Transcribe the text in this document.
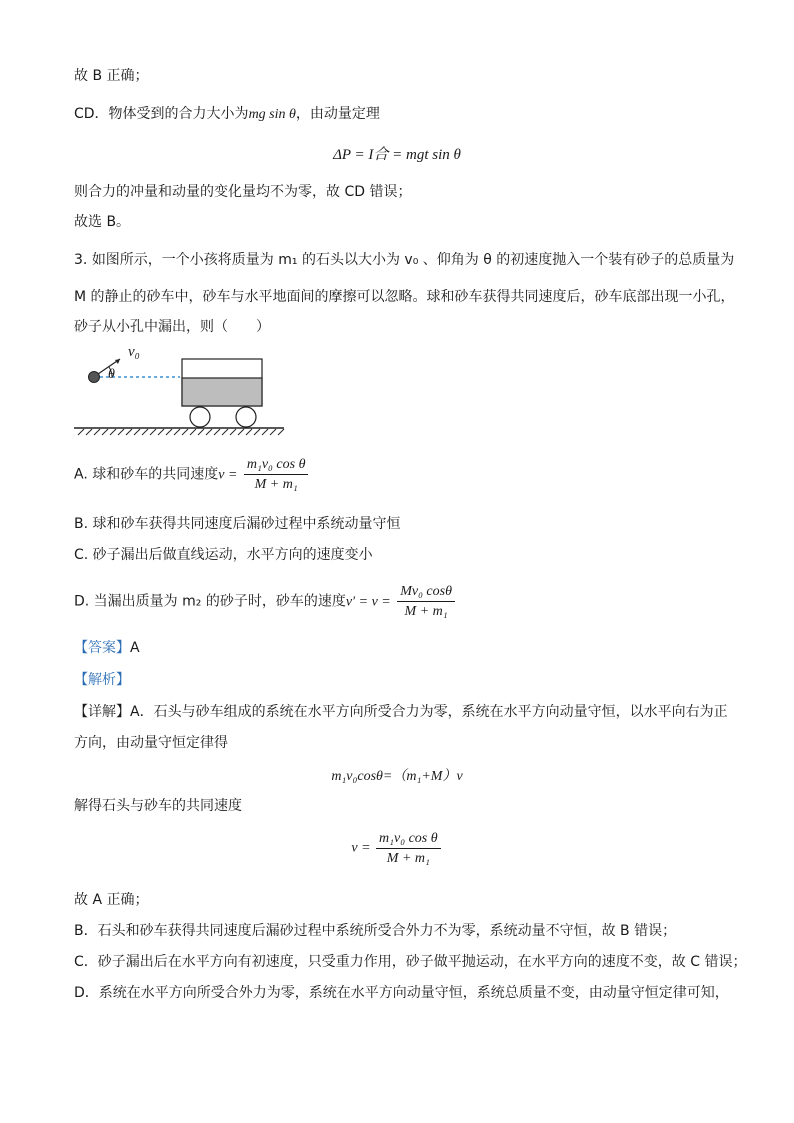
故 B 正确；
CD．物体受到的合力大小为mg sin θ，由动量定理
ΔP = I合 = mgt sin θ
则合力的冲量和动量的变化量均不为零，故 CD 错误；
故选 B。
3. 如图所示，一个小孩将质量为 m₁ 的石头以大小为 v₀ 、仰角为 θ 的初速度抛入一个装有砂子的总质量为
M 的静止的砂车中，砂车与水平地面间的摩擦可以忽略。球和砂车获得共同速度后，砂车底部出现一小孔，
砂子从小孔中漏出，则（　　）
v₀
θ
A. 球和砂车的共同速度$v = \frac{\text{m₁v₀ cos θ}}{\text{M + m₁}}$
B. 球和砂车获得共同速度后漏砂过程中系统动量守恒
C. 砂子漏出后做直线运动，水平方向的速度变小
D. 当漏出质量为 m₂ 的砂子时，砂车的速度$v' = v = \frac{\text{Mv₀ cosθ}}{\text{M + m₁}}$
【答案】A
【解析】
【详解】A．石头与砂车组成的系统在水平方向所受合力为零，系统在水平方向动量守恒，以水平向右为正
方向，由动量守恒定律得
m₁v₀cosθ=（m₁+M）v
解得石头与砂车的共同速度
$v = \frac{\text{m₁v₀ cos θ}}{\text{M + m₁}}$
故 A 正确；
B．石头和砂车获得共同速度后漏砂过程中系统所受合外力不为零，系统动量不守恒，故 B 错误；
C．砂子漏出后在水平方向有初速度，只受重力作用，砂子做平抛运动，在水平方向的速度不变，故 C 错误；
D．系统在水平方向所受合外力为零，系统在水平方向动量守恒，系统总质量不变，由动量守恒定律可知，
